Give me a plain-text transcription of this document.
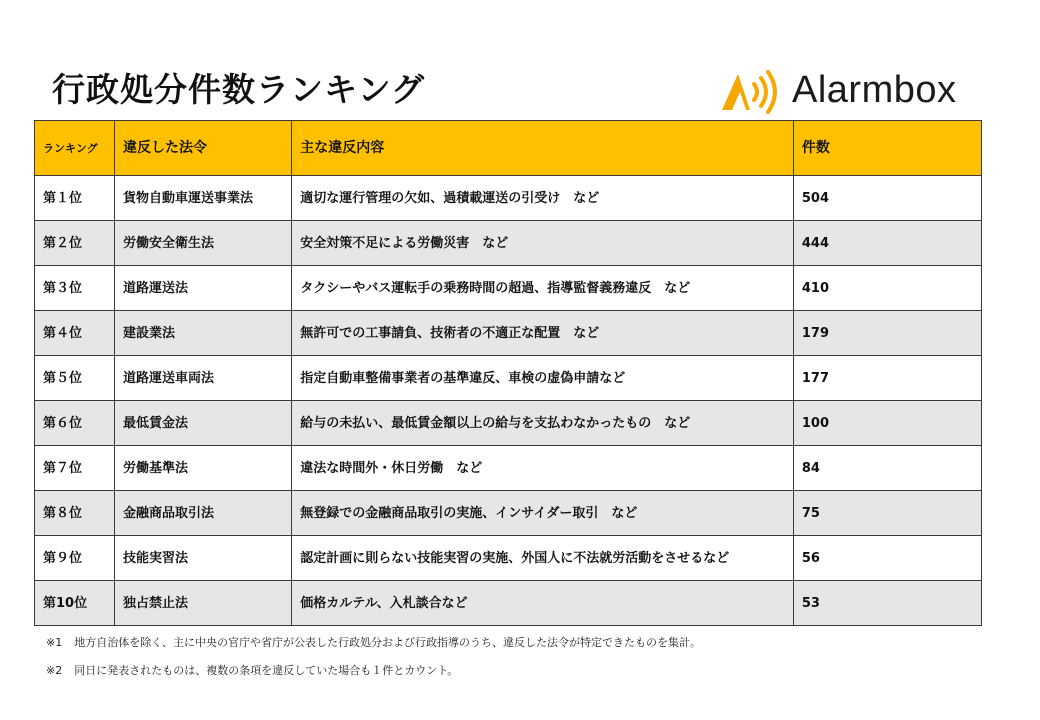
行政処分件数ランキング	Alarmbox
ランキング	違反した法令	主な違反内容	件数
第１位	貨物自動車運送事業法	適切な運行管理の欠如、過積載運送の引受け　など	504
第２位	労働安全衛生法	安全対策不足による労働災害　など	444
第３位	道路運送法	タクシーやバス運転手の乗務時間の超過、指導監督義務違反　など	410
第４位	建設業法	無許可での工事請負、技術者の不適正な配置　など	179
第５位	道路運送車両法	指定自動車整備事業者の基準違反、車検の虚偽申請など	177
第６位	最低賃金法	給与の未払い、最低賃金額以上の給与を支払わなかったもの　など	100
第７位	労働基準法	違法な時間外・休日労働　など	84
第８位	金融商品取引法	無登録での金融商品取引の実施、インサイダー取引　など	75
第９位	技能実習法	認定計画に則らない技能実習の実施、外国人に不法就労活動をさせるなど	56
第10位	独占禁止法	価格カルテル、入札談合など	53
※1 地方自治体を除く、主に中央の官庁や省庁が公表した行政処分および行政指導のうち、違反した法令が特定できたものを集計。
※2 同日に発表されたものは、複数の条項を違反していた場合も１件とカウント。
